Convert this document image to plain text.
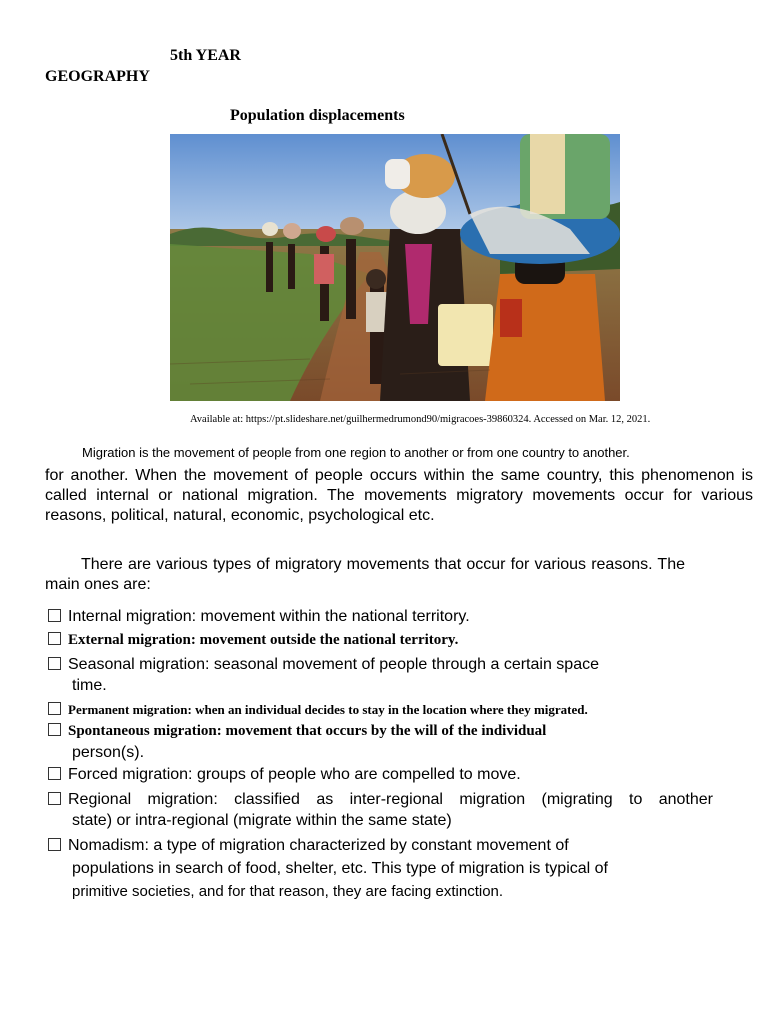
5th YEAR
GEOGRAPHY
Population displacements
Available at: https://pt.slideshare.net/guilhermedrumond90/migracoes-39860324. Accessed on Mar. 12, 2021.
Migration is the movement of people from one region to another or from one country to another.
for another. When the movement of people occurs within the same country, this phenomenon is called internal or national migration. The movements migratory movements occur for various reasons, political, natural, economic, psychological etc.
There are various types of migratory movements that occur for various reasons. The main ones are:
Internal migration: movement within the national territory.
External migration: movement outside the national territory.
Seasonal migration: seasonal movement of people through a certain space
time.
Permanent migration: when an individual decides to stay in the location where they migrated.
Spontaneous migration: movement that occurs by the will of the individual
person(s).
Forced migration: groups of people who are compelled to move.
Regional migration: classified as inter-regional migration (migrating to another
state) or intra-regional (migrate within the same state)
Nomadism: a type of migration characterized by constant movement of
populations in search of food, shelter, etc. This type of migration is typical of
primitive societies, and for that reason, they are facing extinction.
